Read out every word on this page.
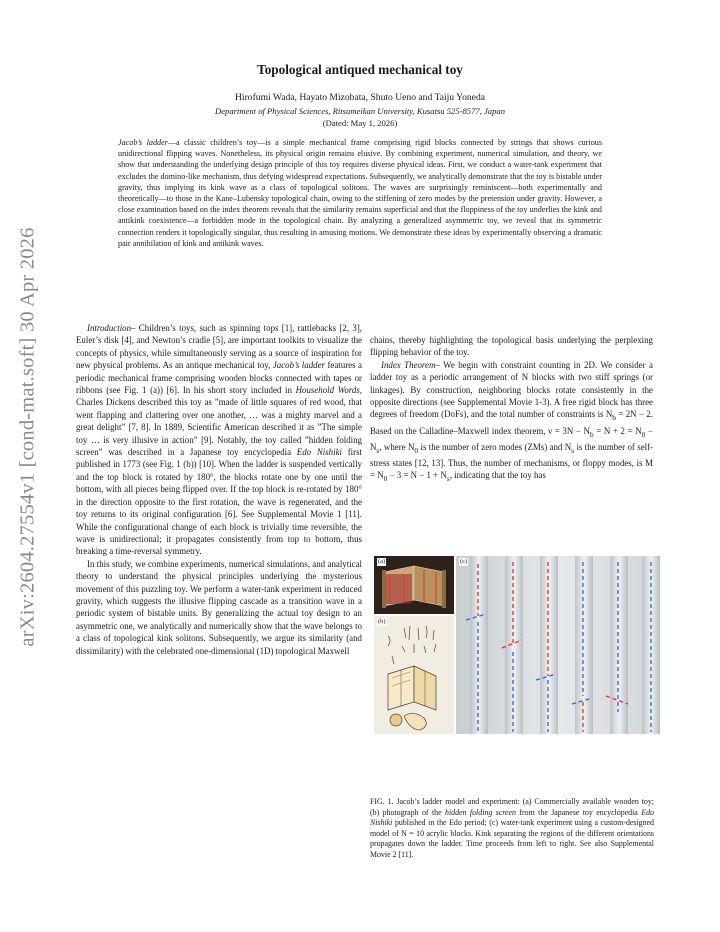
arXiv:2604.27554v1 [cond-mat.soft] 30 Apr 2026
Topological antiqued mechanical toy
Hirofumi Wada, Hayato Mizobata, Shuto Ueno and Taiju Yoneda
Department of Physical Sciences, Ritsumeikan University, Kusatsu 525-8577, Japan
(Dated: May 1, 2026)
Jacob’s ladder—a classic children’s toy—is a simple mechanical frame comprising rigid blocks connected by strings that shows curious unidirectional flipping waves. Nonetheless, its physical origin remains elusive. By combining experiment, numerical simulation, and theory, we show that understanding the underlying design principle of this toy requires diverse physical ideas. First, we conduct a water-tank experiment that excludes the domino-like mechanism, thus defying widespread expectations. Subsequently, we analytically demonstrate that the toy is bistable under gravity, thus implying its kink wave as a class of topological solitons. The waves are surprisingly reminiscent—both experimentally and theoretically—to those in the Kane–Lubensky topological chain, owing to the stiffening of zero modes by the pretension under gravity. However, a close examination based on the index theorem reveals that the similarity remains superficial and that the floppiness of the toy underlies the kink and antikink coexistence—a forbidden mode in the topological chain. By analyzing a generalized asymmetric toy, we reveal that its symmetric connection renders it topologically singular, thus resulting in amusing motions. We demonstrate these ideas by experimentally observing a dramatic pair annihilation of kink and antikink waves.

Introduction– Children’s toys, such as spinning tops [1], rattlebacks [2, 3], Euler’s disk [4], and Newton’s cradle [5], are important toolkits to visualize the concepts of physics, while simultaneously serving as a source of inspiration for new physical problems. As an antique mechanical toy, Jacob’s ladder features a periodic mechanical frame comprising wooden blocks connected with tapes or ribbons (see Fig. 1 (a)) [6]. In his short story included in Household Words, Charles Dickens described this toy as ”made of little squares of red wood, that went flapping and clattering over one another, … was a mighty marvel and a great delight” [7, 8]. In 1889, Scientific American described it as ”The simple toy … is very illusive in action” [9]. Notably, the toy called ”hidden folding screen” was described in a Japanese toy encyclopedia Edo Nishiki first published in 1773 (see Fig. 1 (b)) [10]. When the ladder is suspended vertically and the top block is rotated by 180°, the blocks rotate one by one until the bottom, with all pieces being flipped over. If the top block is re-rotated by 180° in the direction opposite to the first rotation, the wave is regenerated, and the toy returns to its original configuration [6]. See Supplemental Movie 1 [11]. While the configurational change of each block is trivially time reversible, the wave is unidirectional; it propagates consistently from top to bottom, thus breaking a time-reversal symmetry.

In this study, we combine experiments, numerical simulations, and analytical theory to understand the physical principles underlying the mysterious movement of this puzzling toy. We perform a water-tank experiment in reduced gravity, which suggests the illusive flipping cascade as a transition wave in a periodic system of bistable units. By generalizing the actual toy design to an asymmetric one, we analytically and numerically show that the wave belongs to a class of topological kink solitons. Subsequently, we argue its similarity (and dissimilarity) with the celebrated one-dimensional (1D) topological Maxwell

chains, thereby highlighting the topological basis underlying the perplexing flipping behavior of the toy.

Index Theorem– We begin with constraint counting in 2D. We consider a ladder toy as a periodic arrangement of N blocks with two stiff springs (or linkages). By construction, neighboring blocks rotate consistently in the opposite directions (see Supplemental Movie 1-3). A free rigid block has three degrees of freedom (DoFs), and the total number of constraints is $N_b = 2N - 2$. Based on the Calladine–Maxwell index theorem, $\nu = 3N - N_b = N + 2 = N_0 - N_s$, where $N_0$ is the number of zero modes (ZMs) and $N_s$ is the number of self-stress states [12, 13]. Thus, the number of mechanisms, or floppy modes, is $M = N_0 - 3 = N - 1 + N_s$, indicating that the toy has

(a)
(b)
(c)
FIG. 1. Jacob’s ladder model and experiment: (a) Commercially available wooden toy; (b) photograph of the hidden folding screen from the Japanese toy encyclopedia Edo Nishiki published in the Edo period; (c) water-tank experiment using a custom-designed model of N = 10 acrylic blocks. Kink separating the regions of the different orientations propagates down the ladder. Time proceeds from left to right. See also Supplemental Movie 2 [11].
